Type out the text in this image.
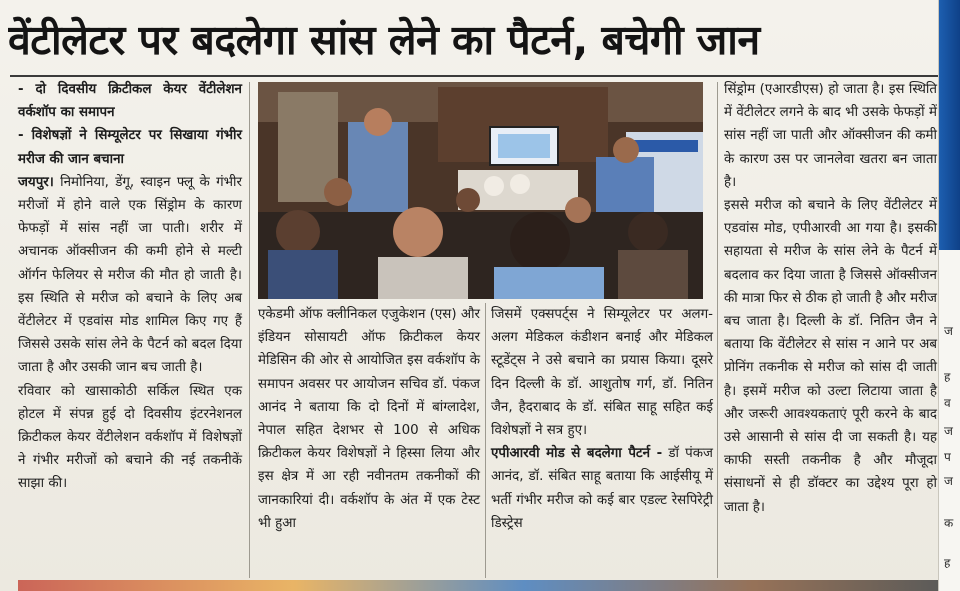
वेंटीलेटर पर बदलेगा सांस लेने का पैटर्न, बचेगी जान

- दो दिवसीय क्रिटीकल केयर वेंटीलेशन वर्कशॉप का समापन

- विशेषज्ञों ने सिम्यूलेटर पर सिखाया गंभीर मरीज की जान बचाना

जयपुर। निमोनिया, डेंगू, स्वाइन फ्लू के गंभीर मरीजों में होने वाले एक सिंड्रोम के कारण फेफड़ों में सांस नहीं जा पाती। शरीर में अचानक ऑक्सीजन की कमी होने से मल्टी ऑर्गन फेलियर से मरीज की मौत हो जाती है। इस स्थिति से मरीज को बचाने के लिए अब वेंटीलेटर में एडवांस मोड शामिल किए गए हैं जिससे उसके सांस लेने के पैटर्न को बदल दिया जाता है और उसकी जान बच जाती है।

रविवार को खासाकोठी सर्किल स्थित एक होटल में संपन्न हुई दो दिवसीय इंटरनेशनल क्रिटीकल केयर वेंटीलेशन वर्कशॉप में विशेषज्ञों ने गंभीर मरीजों को बचाने की नई तकनीकें साझा की।

एकेडमी ऑफ क्लीनिकल एजुकेशन (एस) और इंडियन सोसायटी ऑफ क्रिटीकल केयर मेडिसिन की ओर से आयोजित इस वर्कशॉप के समापन अवसर पर आयोजन सचिव डॉ. पंकज आनंद ने बताया कि दो दिनों में बांग्लादेश, नेपाल सहित देशभर से 100 से अधिक क्रिटीकल केयर विशेषज्ञों ने हिस्सा लिया और इस क्षेत्र में आ रही नवीनतम तकनीकों की जानकारियां दी। वर्कशॉप के अंत में एक टेस्ट भी हुआ

जिसमें एक्सपर्ट्स ने सिम्यूलेटर पर अलग-अलग मेडिकल कंडीशन बनाई और मेडिकल स्टूडेंट्स ने उसे बचाने का प्रयास किया। दूसरे दिन दिल्ली के डॉ. आशुतोष गर्ग, डॉ. नितिन जैन, हैदराबाद के डॉ. संबित साहू सहित कई विशेषज्ञों ने सत्र हुए।

एपीआरवी मोड से बदलेगा पैटर्न - डॉ पंकज आनंद, डॉ. संबित साहू बताया कि आईसीयू में भर्ती गंभीर मरीज को कई बार एडल्ट रेसपिरेट्री डिस्ट्रेस

सिंड्रोम (एआरडीएस) हो जाता है। इस स्थिति में वेंटीलेटर लगने के बाद भी उसके फेफड़ों में सांस नहीं जा पाती और ऑक्सीजन की कमी के कारण उस पर जानलेवा खतरा बन जाता है।

इससे मरीज को बचाने के लिए वेंटीलेटर में एडवांस मोड, एपीआरवी आ गया है। इसकी सहायता से मरीज के सांस लेने के पैटर्न में बदलाव कर दिया जाता है जिससे ऑक्सीजन की मात्रा फिर से ठीक हो जाती है और मरीज बच जाता है। दिल्ली के डॉ. नितिन जैन ने बताया कि वेंटीलेटर से सांस न आने पर अब प्रोनिंग तकनीक से मरीज को सांस दी जाती है। इसमें मरीज को उल्टा लिटाया जाता है और जरूरी आवश्यकताएं पूरी करने के बाद उसे आसानी से सांस दी जा सकती है। यह काफी सस्ती तकनीक है और मौजूदा संसाधनों से ही डॉक्टर का उद्देश्य पूरा हो जाता है।

ज
ह
व
ज
प
ज
क
ह
